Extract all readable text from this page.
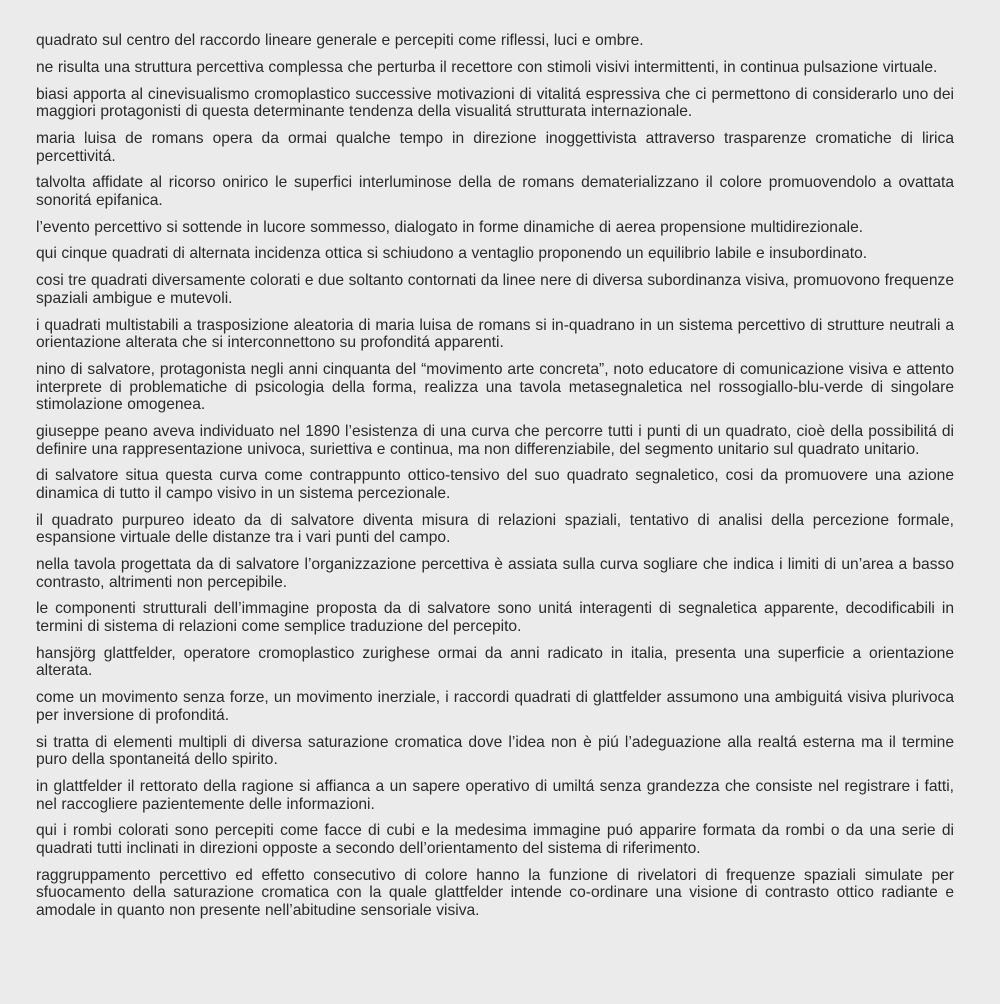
quadrato sul centro del raccordo lineare generale e percepiti come riflessi, luci e ombre.

ne risulta una struttura percettiva complessa che perturba il recettore con stimoli visivi intermittenti, in continua pulsazione virtuale.

biasi apporta al cinevisualismo cromoplastico successive motivazioni di vitalitá espressiva che ci permettono di considerarlo uno dei maggiori protagonisti di questa determinante tendenza della visualitá strutturata internazionale.

maria luisa de romans opera da ormai qualche tempo in direzione inoggettivista attraverso trasparenze cromatiche di lirica percettivitá.

talvolta affidate al ricorso onirico le superfici interluminose della de romans dematerializzano il colore promuovendolo a ovattata sonoritá epifanica.

l’evento percettivo si sottende in lucore sommesso, dialogato in forme dinamiche di aerea propensione multidirezionale.

qui cinque quadrati di alternata incidenza ottica si schiudono a ventaglio proponendo un equilibrio labile e insubordinato.

cosi tre quadrati diversamente colorati e due soltanto contornati da linee nere di diversa subordinanza visiva, promuovono frequenze spaziali ambigue e mutevoli.

i quadrati multistabili a trasposizione aleatoria di maria luisa de romans si in-quadrano in un sistema percettivo di strutture neutrali a orientazione alterata che si interconnettono su profonditá apparenti.

nino di salvatore, protagonista negli anni cinquanta del “movimento arte concreta”, noto educatore di comunicazione visiva e attento interprete di problematiche di psicologia della forma, realizza una tavola metasegnaletica nel rossogiallo-blu-verde di singolare stimolazione omogenea.

giuseppe peano aveva individuato nel 1890 l’esistenza di una curva che percorre tutti i punti di un quadrato, cioè della possibilitá di definire una rappresentazione univoca, suriettiva e continua, ma non differenziabile, del segmento unitario sul quadrato unitario.

di salvatore situa questa curva come contrappunto ottico-tensivo del suo quadrato segnaletico, cosi da promuovere una azione dinamica di tutto il campo visivo in un sistema percezionale.

il quadrato purpureo ideato da di salvatore diventa misura di relazioni spaziali, tentativo di analisi della percezione formale, espansione virtuale delle distanze tra i vari punti del campo.

nella tavola progettata da di salvatore l’organizzazione percettiva è assiata sulla curva sogliare che indica i limiti di un’area a basso contrasto, altrimenti non percepibile.

le componenti strutturali dell’immagine proposta da di salvatore sono unitá interagenti di segnaletica apparente, decodificabili in termini di sistema di relazioni come semplice traduzione del percepito.

hansjörg glattfelder, operatore cromoplastico zurighese ormai da anni radicato in italia, presenta una superficie a orientazione alterata.

come un movimento senza forze, un movimento inerziale, i raccordi quadrati di glattfelder assumono una ambiguitá visiva plurivoca per inversione di profonditá.

si tratta di elementi multipli di diversa saturazione cromatica dove l’idea non è piú l’adeguazione alla realtá esterna ma il termine puro della spontaneitá dello spirito.

in glattfelder il rettorato della ragione si affianca a un sapere operativo di umiltá senza grandezza che consiste nel registrare i fatti, nel raccogliere pazientemente delle informazioni.

qui i rombi colorati sono percepiti come facce di cubi e la medesima immagine puó apparire formata da rombi o da una serie di quadrati tutti inclinati in direzioni opposte a secondo dell’orientamento del sistema di riferimento.

raggruppamento percettivo ed effetto consecutivo di colore hanno la funzione di rivelatori di frequenze spaziali simulate per sfuocamento della saturazione cromatica con la quale glattfelder intende co-ordinare una visione di contrasto ottico radiante e amodale in quanto non presente nell’abitudine sensoriale visiva.
